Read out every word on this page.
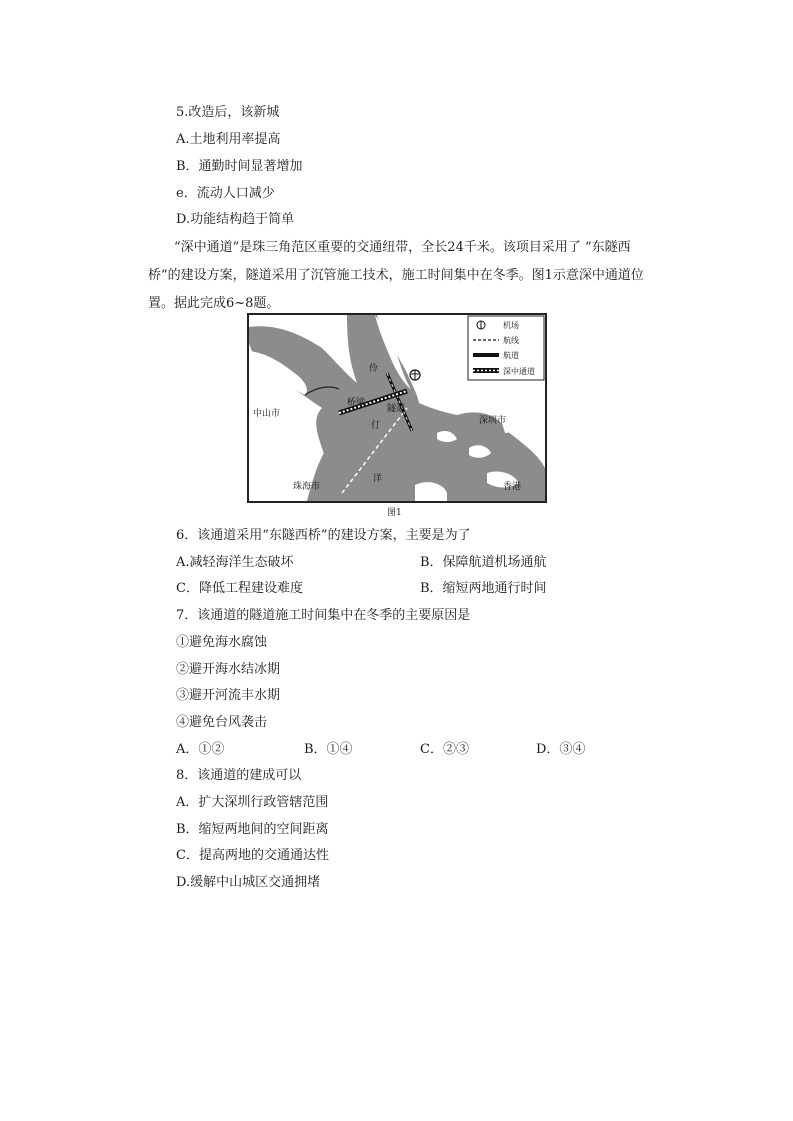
5.改造后，该新城
A.土地利用率提高
B．通勤时间显著增加
e．流动人口减少
D.功能结构趋于简单
“深中通道”是珠三角范区重要的交通纽带，全长24千米。该项目采用了 “东隧西桥”的建设方案，隧道采用了沉管施工技术，施工时间集中在冬季。图1示意深中通道位置。据此完成6~8题。
中山市
深圳市
珠海市	香港
伶
仃
洋
桥梁
隧道
机场
航线
航道
深中通道
图1
6．该通道采用“东隧西桥”的建设方案，主要是为了
A.减轻海洋生态破坏	B．保障航道机场通航
C．降低工程建设难度	B．缩短两地通行时间
7．该通道的隧道施工时间集中在冬季的主要原因是
①避免海水腐蚀
②避开海水结冰期
③避开河流丰水期
④避免台风袭击
A．①②	B．①④	C．②③	D．③④
8．该通道的建成可以
A．扩大深圳行政管辖范围
B．缩短两地间的空间距离
C．提高两地的交通通达性
D.缓解中山城区交通拥堵
